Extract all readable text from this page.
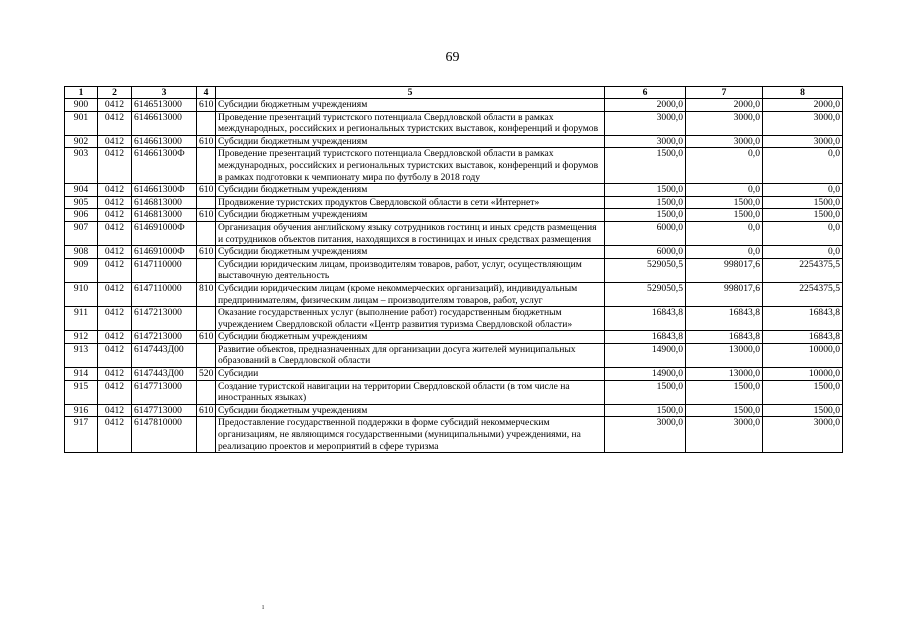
69
1	2	3	4	5	6	7	8
900	0412	6146513000	610	Субсидии бюджетным учреждениям	2000,0	2000,0	2000,0
901	0412	6146613000		Проведение презентаций туристского потенциала Свердловской области в рамках международных, российских и региональных туристских выставок, конференций и форумов	3000,0	3000,0	3000,0
902	0412	6146613000	610	Субсидии бюджетным учреждениям	3000,0	3000,0	3000,0
903	0412	614661300Ф		Проведение презентаций туристского потенциала Свердловской области в рамках международных, российских и региональных туристских выставок, конференций и форумов в рамках подготовки к чемпионату мира по футболу в 2018 году	1500,0	0,0	0,0
904	0412	614661300Ф	610	Субсидии бюджетным учреждениям	1500,0	0,0	0,0
905	0412	6146813000		Продвижение туристских продуктов Свердловской области в сети «Интернет»	1500,0	1500,0	1500,0
906	0412	6146813000	610	Субсидии бюджетным учреждениям	1500,0	1500,0	1500,0
907	0412	614691000Ф		Организация обучения английскому языку сотрудников гостинц и иных средств размещения и сотрудников объектов питания, находящихся в гостиницах и иных средствах размещения	6000,0	0,0	0,0
908	0412	614691000Ф	610	Субсидии бюджетным учреждениям	6000,0	0,0	0,0
909	0412	6147110000		Субсидии юридическим лицам, производителям товаров, работ, услуг, осуществляющим выставочную деятельность	529050,5	998017,6	2254375,5
910	0412	6147110000	810	Субсидии юридическим лицам (кроме некоммерческих организаций), индивидуальным предпринимателям, физическим лицам – производителям товаров, работ, услуг	529050,5	998017,6	2254375,5
911	0412	6147213000		Оказание государственных услуг (выполнение работ) государственным бюджетным учреждением Свердловской области «Центр развития туризма Свердловской области»	16843,8	16843,8	16843,8
912	0412	6147213000	610	Субсидии бюджетным учреждениям	16843,8	16843,8	16843,8
913	0412	6147443Д00		Развитие объектов, предназначенных для организации досуга жителей муниципальных образований в Свердловской области	14900,0	13000,0	10000,0
914	0412	6147443Д00	520	Субсидии	14900,0	13000,0	10000,0
915	0412	6147713000		Создание туристской навигации на территории Свердловской области (в том числе на иностранных языках)	1500,0	1500,0	1500,0
916	0412	6147713000	610	Субсидии бюджетным учреждениям	1500,0	1500,0	1500,0
917	0412	6147810000		Предоставление государственной поддержки в форме субсидий некоммерческим организациям, не являющимся государственными (муниципальными) учреждениями, на реализацию проектов и мероприятий в сфере туризма	3000,0	3000,0	3000,0
ı
